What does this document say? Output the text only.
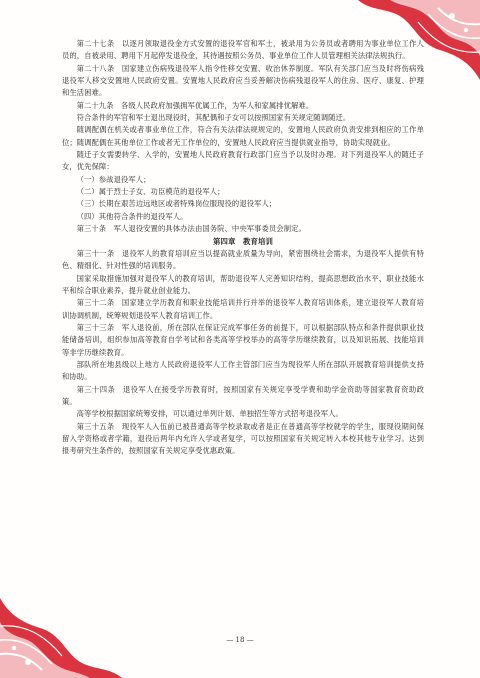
第二十七条　以逐月领取退役金方式安置的退役军官和军士，被录用为公务员或者聘用为事业单位工作人员的，自被录用、聘用下月起停发退役金，其待遇按照公务员、事业单位工作人员管理相关法律法规执行。

第二十八条　国家建立伤病残退役军人指令性移交安置、收治休养制度。军队有关部门应当及时将伤病残退役军人移交安置地人民政府安置。安置地人民政府应当妥善解决伤病残退役军人的住房、医疗、康复、护理和生活困难。

第二十九条　各级人民政府加强拥军优属工作，为军人和家属排忧解难。

符合条件的军官和军士退出现役时，其配偶和子女可以按照国家有关规定随调随迁。

随调配偶在机关或者事业单位工作，符合有关法律法规规定的，安置地人民政府负责安排到相应的工作单位；随调配偶在其他单位工作或者无工作单位的，安置地人民政府应当提供就业指导，协助实现就业。

随迁子女需要转学、入学的，安置地人民政府教育行政部门应当予以及时办理。对下列退役军人的随迁子女，优先保障：

（一）参战退役军人；

（二）属于烈士子女、功臣模范的退役军人；

（三）长期在艰苦边远地区或者特殊岗位服现役的退役军人；

（四）其他符合条件的退役军人。

第三十条　军人退役安置的具体办法由国务院、中央军事委员会制定。

第四章　教育培训

第三十一条　退役军人的教育培训应当以提高就业质量为导向，紧密围绕社会需求，为退役军人提供有特色、精细化、针对性强的培训服务。

国家采取措施加强对退役军人的教育培训，帮助退役军人完善知识结构，提高思想政治水平、职业技能水平和综合职业素养，提升就业创业能力。

第三十二条　国家建立学历教育和职业技能培训并行并举的退役军人教育培训体系，建立退役军人教育培训协调机制，统筹规划退役军人教育培训工作。

第三十三条　军人退役前，所在部队在保证完成军事任务的前提下，可以根据部队特点和条件提供职业技能储备培训，组织参加高等教育自学考试和各类高等学校举办的高等学历继续教育，以及知识拓展、技能培训等非学历继续教育。

部队所在地县级以上地方人民政府退役军人工作主管部门应当为现役军人所在部队开展教育培训提供支持和协助。

第三十四条　退役军人在接受学历教育时，按照国家有关规定享受学费和助学金资助等国家教育资助政策。

高等学校根据国家统筹安排，可以通过单列计划、单独招生等方式招考退役军人。

第三十五条　现役军人入伍前已被普通高等学校录取或者是正在普通高等学校就学的学生，服现役期间保留入学资格或者学籍，退役后两年内允许入学或者复学，可以按照国家有关规定转入本校其他专业学习。达到报考研究生条件的，按照国家有关规定享受优惠政策。

— 18 —
